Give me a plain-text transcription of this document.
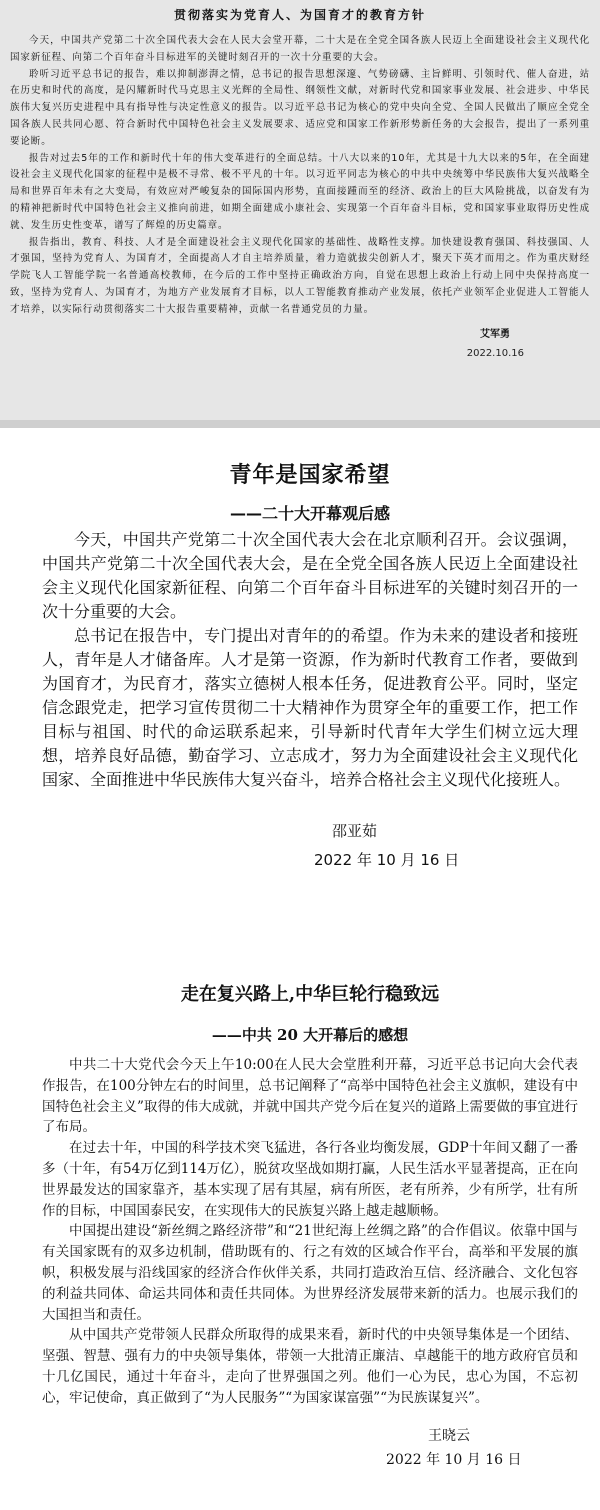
贯彻落实为党育人、为国育才的教育方针

今天，中国共产党第二十次全国代表大会在人民大会堂开幕，二十大是在全党全国各族人民迈上全面建设社会主义现代化国家新征程、向第二个百年奋斗目标进军的关键时刻召开的一次十分重要的大会。

聆听习近平总书记的报告，难以抑制澎湃之情，总书记的报告思想深邃、气势磅礴、主旨鲜明、引领时代、催人奋进，站在历史和时代的高度，是闪耀新时代马克思主义光辉的全局性、纲领性文献，对新时代党和国家事业发展、社会进步、中华民族伟大复兴历史进程中具有指导性与决定性意义的报告。以习近平总书记为核心的党中央向全党、全国人民做出了顺应全党全国各族人民共同心愿、符合新时代中国特色社会主义发展要求、适应党和国家工作新形势新任务的大会报告，提出了一系列重要论断。

报告对过去5年的工作和新时代十年的伟大变革进行的全面总结。十八大以来的10年，尤其是十九大以来的5年，在全面建设社会主义现代化国家的征程中是极不寻常、极不平凡的十年。以习近平同志为核心的中共中央统筹中华民族伟大复兴战略全局和世界百年未有之大变局，有效应对严峻复杂的国际国内形势，直面接踵而至的经济、政治上的巨大风险挑战，以奋发有为的精神把新时代中国特色社会主义推向前进，如期全面建成小康社会、实现第一个百年奋斗目标，党和国家事业取得历史性成就、发生历史性变革，谱写了辉煌的历史篇章。

报告指出，教育、科技、人才是全面建设社会主义现代化国家的基础性、战略性支撑。加快建设教育强国、科技强国、人才强国，坚持为党育人、为国育才，全面提高人才自主培养质量，着力造就拔尖创新人才，聚天下英才而用之。作为重庆财经学院飞人工智能学院一名普通高校教师，在今后的工作中坚持正确政治方向，自觉在思想上政治上行动上同中央保持高度一致，坚持为党育人、为国育才，为地方产业发展育才目标，以人工智能教育推动产业发展，依托产业领军企业促进人工智能人才培养，以实际行动贯彻落实二十大报告重要精神，贡献一名普通党员的力量。

艾军勇
2022.10.16
青年是国家希望
——二十大开幕观后感

今天，中国共产党第二十次全国代表大会在北京顺利召开。会议强调，中国共产党第二十次全国代表大会，是在全党全国各族人民迈上全面建设社会主义现代化国家新征程、向第二个百年奋斗目标进军的关键时刻召开的一次十分重要的大会。

总书记在报告中，专门提出对青年的的希望。作为未来的建设者和接班人，青年是人才储备库。人才是第一资源，作为新时代教育工作者，要做到为国育才，为民育才，落实立德树人根本任务，促进教育公平。同时，坚定信念跟党走，把学习宣传贯彻二十大精神作为贯穿全年的重要工作，把工作目标与祖国、时代的命运联系起来，引导新时代青年大学生们树立远大理想，培养良好品德，勤奋学习、立志成才，努力为全面建设社会主义现代化国家、全面推进中华民族伟大复兴奋斗，培养合格社会主义现代化接班人。

邵亚茹
2022 年 10 月 16 日
走在复兴路上,中华巨轮行稳致远
——中共 20 大开幕后的感想

中共二十大党代会今天上午10:00在人民大会堂胜利开幕，习近平总书记向大会代表作报告，在100分钟左右的时间里，总书记阐释了“高举中国特色社会主义旗帜，建设有中国特色社会主义”取得的伟大成就，并就中国共产党今后在复兴的道路上需要做的事宜进行了布局。

在过去十年，中国的科学技术突飞猛进，各行各业均衡发展，GDP十年间又翻了一番多（十年，有54万亿到114万亿），脱贫攻坚战如期打赢，人民生活水平显著提高，正在向世界最发达的国家靠齐，基本实现了居有其屋，病有所医，老有所养，少有所学，壮有所作的目标，中国国泰民安，在实现伟大的民族复兴路上越走越顺畅。

中国提出建设“新丝绸之路经济带”和“21世纪海上丝绸之路”的合作倡议。依靠中国与有关国家既有的双多边机制，借助既有的、行之有效的区域合作平台，高举和平发展的旗帜，积极发展与沿线国家的经济合作伙伴关系，共同打造政治互信、经济融合、文化包容的利益共同体、命运共同体和责任共同体。为世界经济发展带来新的活力。也展示我们的大国担当和责任。

从中国共产党带领人民群众所取得的成果来看，新时代的中央领导集体是一个团结、坚强、智慧、强有力的中央领导集体，带领一大批清正廉洁、卓越能干的地方政府官员和十几亿国民，通过十年奋斗，走向了世界强国之列。他们一心为民，忠心为国，不忘初心，牢记使命，真正做到了“为人民服务”“为国家谋富强”“为民族谋复兴”。

王晓云
2022 年 10 月 16 日
